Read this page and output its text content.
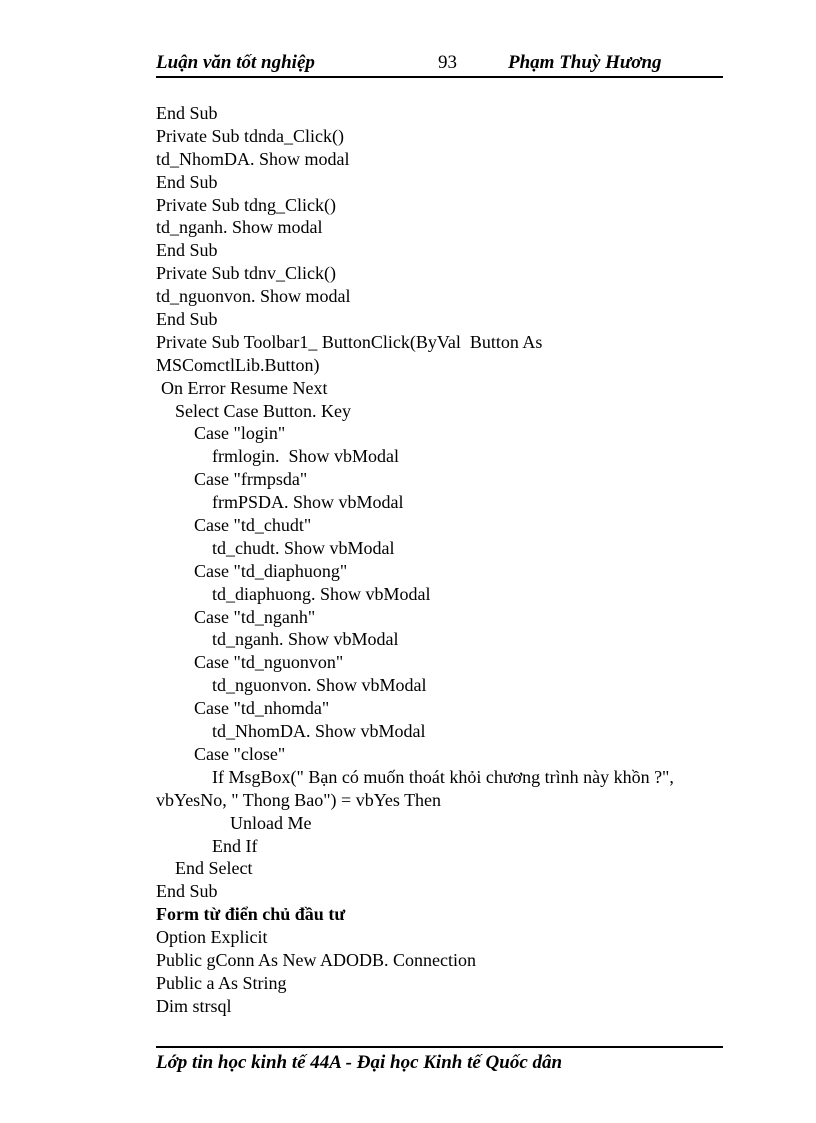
Luận văn tốt nghiệp	93	Phạm Thuỳ Hương
End Sub
Private Sub tdnda_Click()
td_NhomDA. Show modal
End Sub
Private Sub tdng_Click()
td_nganh. Show modal
End Sub
Private Sub tdnv_Click()
td_nguonvon. Show modal
End Sub
Private Sub Toolbar1_ ButtonClick(ByVal  Button As
MSComctlLib.Button)
On Error Resume Next
Select Case Button. Key
Case "login"
frmlogin.  Show vbModal
Case "frmpsda"
frmPSDA. Show vbModal
Case "td_chudt"
td_chudt. Show vbModal
Case "td_diaphuong"
td_diaphuong. Show vbModal
Case "td_nganh"
td_nganh. Show vbModal
Case "td_nguonvon"
td_nguonvon. Show vbModal
Case "td_nhomda"
td_NhomDA. Show vbModal
Case "close"
If MsgBox(" Bạn có muốn thoát khỏi chương trình này khồn ?",
vbYesNo, " Thong Bao") = vbYes Then
Unload Me
End If
End Select
End Sub
Form từ điển chủ đầu tư
Option Explicit
Public gConn As New ADODB. Connection
Public a As String
Dim strsql
Lớp tin học kinh tế 44A - Đại học Kinh tế Quốc dân
